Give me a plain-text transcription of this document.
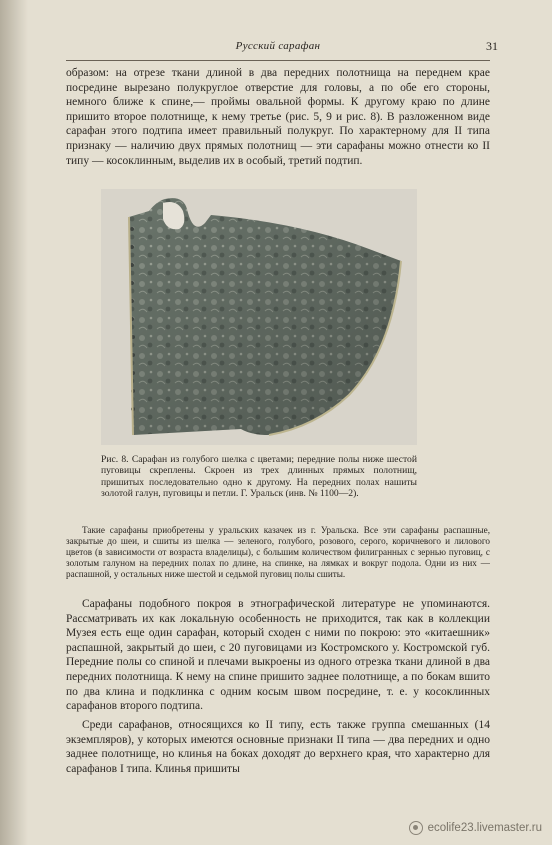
Русский сарафан	31

образом: на отрезе ткани длиной в два передних полотнища на переднем крае посредине вырезано полукруглое отверстие для головы, а по обе его стороны, немного ближе к спине,— проймы овальной формы. К другому краю по длине пришито второе полотнище, к нему третье (рис. 5, 9 и рис. 8). В разложенном виде сарафан этого подтипа имеет правильный полукруг. По характерному для II типа признаку — наличию двух прямых полотнищ — эти сарафаны можно отнести ко II типу — косоклинным, выделив их в особый, третий подтип.

Рис. 8. Сарафан из голубого шелка с цветами; передние полы ниже шестой пуговицы скреплены. Скроен из трех длинных прямых полотнищ, пришитых последовательно одно к другому. На передних полах нашиты золотой галун, пуговицы и петли. Г. Уральск (инв. № 1100—2).

Такие сарафаны приобретены у уральских казачек из г. Уральска. Все эти сарафаны распашные, закрытые до шеи, и сшиты из шелка — зеленого, голубого, розового, серого, коричневого и лилового цветов (в зависимости от возраста владелицы), с большим количеством филигранных с зернью пуговиц, с золотым галуном на передних полах по длине, на спинке, на лямках и вокруг подола. Одни из них — распашной, у остальных ниже шестой и седьмой пуговиц полы сшиты.

Сарафаны подобного покроя в этнографической литературе не упоминаются. Рассматривать их как локальную особенность не приходится, так как в коллекции Музея есть еще один сарафан, который сходен с ними по покрою: это «китаешник» распашной, закрытый до шеи, с 20 пуговицами из Костромского у. Костромской губ. Передние полы со спиной и плечами выкроены из одного отрезка ткани длиной в два передних полотнища. К нему на спине пришито заднее полотнище, а по бокам вшито по два клина и подклинка с одним косым швом посредине, т. е. у косоклинных сарафанов второго подтипа.

Среди сарафанов, относящихся ко II типу, есть также группа смешанных (14 экземпляров), у которых имеются основные признаки II типа — два передних и одно заднее полотнище, но клинья на боках доходят до верхнего края, что характерно для сарафанов I типа. Клинья пришиты

ecolife23.livemaster.ru
